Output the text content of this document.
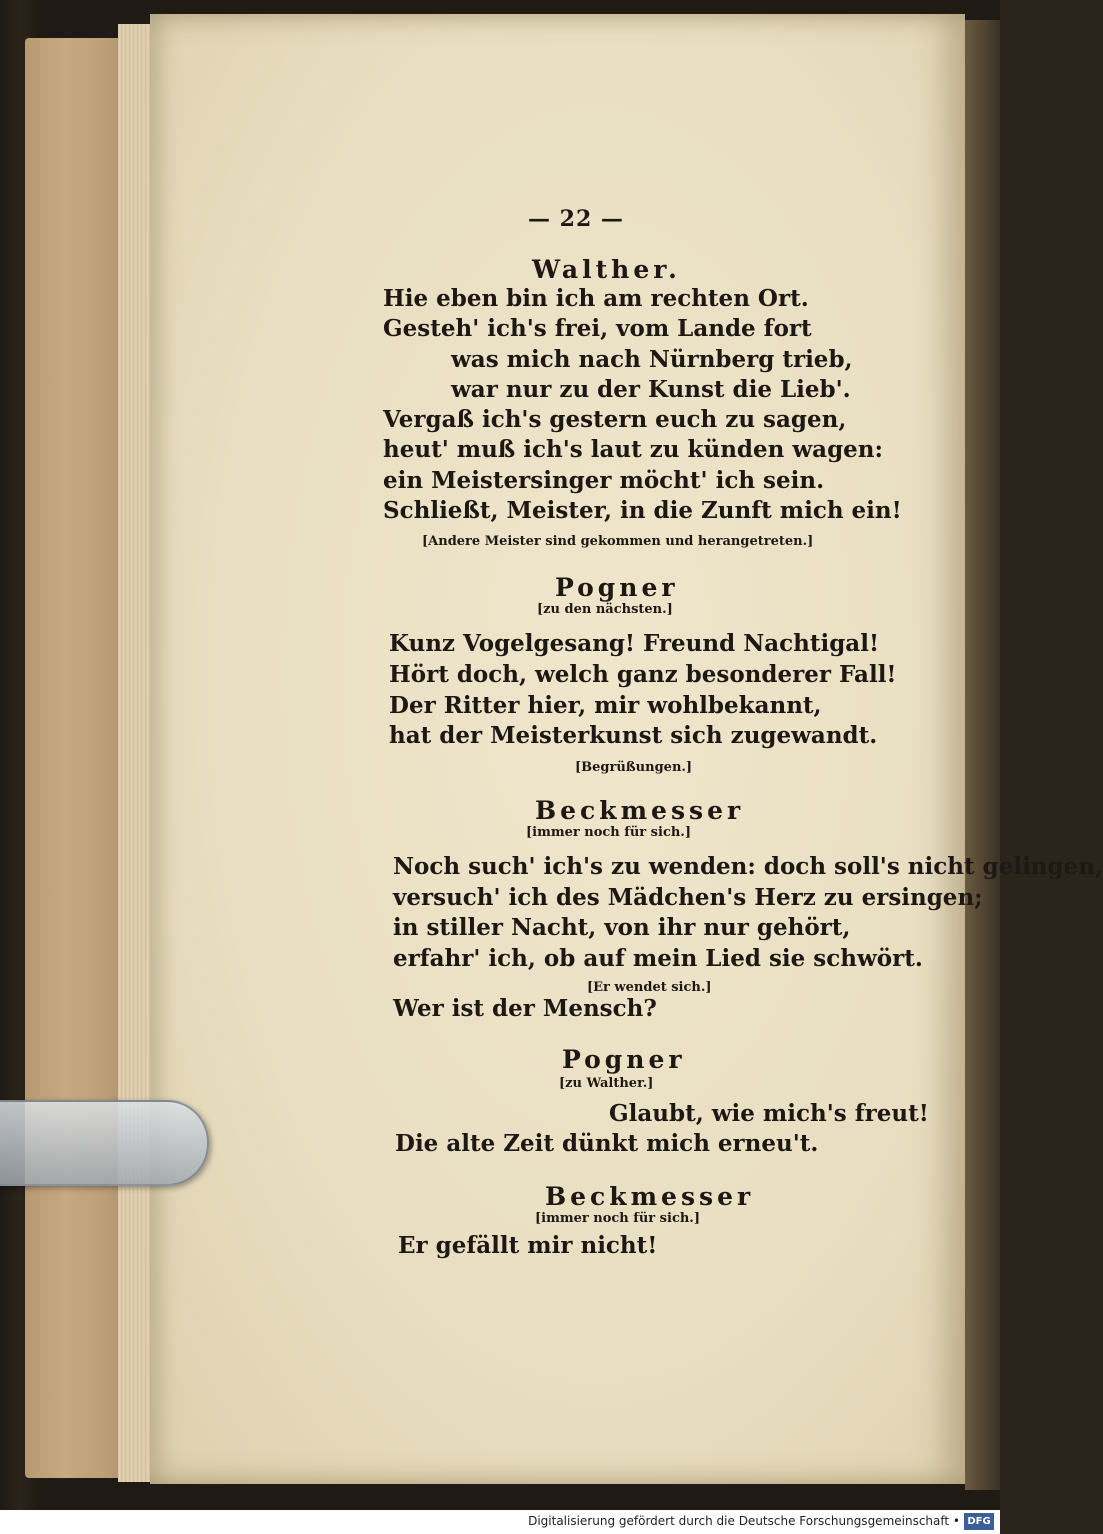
— 22 —
Walther.
Hie eben bin ich am rechten Ort.
Gesteh' ich's frei, vom Lande fort
was mich nach Nürnberg trieb,
war nur zu der Kunst die Lieb'.
Vergaß ich's gestern euch zu sagen,
heut' muß ich's laut zu künden wagen:
ein Meistersinger möcht' ich sein.
Schließt, Meister, in die Zunft mich ein!
[Andere Meister sind gekommen und herangetreten.]
Pogner
[zu den nächsten.]
Kunz Vogelgesang! Freund Nachtigal!
Hört doch, welch ganz besonderer Fall!
Der Ritter hier, mir wohlbekannt,
hat der Meisterkunst sich zugewandt.
[Begrüßungen.]
Beckmesser
[immer noch für sich.]
Noch such' ich's zu wenden: doch soll's nicht gelingen,
versuch' ich des Mädchen's Herz zu ersingen;
in stiller Nacht, von ihr nur gehört,
erfahr' ich, ob auf mein Lied sie schwört.
[Er wendet sich.]
Wer ist der Mensch?
Pogner
[zu Walther.]
Glaubt, wie mich's freut!
Die alte Zeit dünkt mich erneu't.
Beckmesser
[immer noch für sich.]
Er gefällt mir nicht!
Digitalisierung gefördert durch die Deutsche Forschungsgemeinschaft • DFG
